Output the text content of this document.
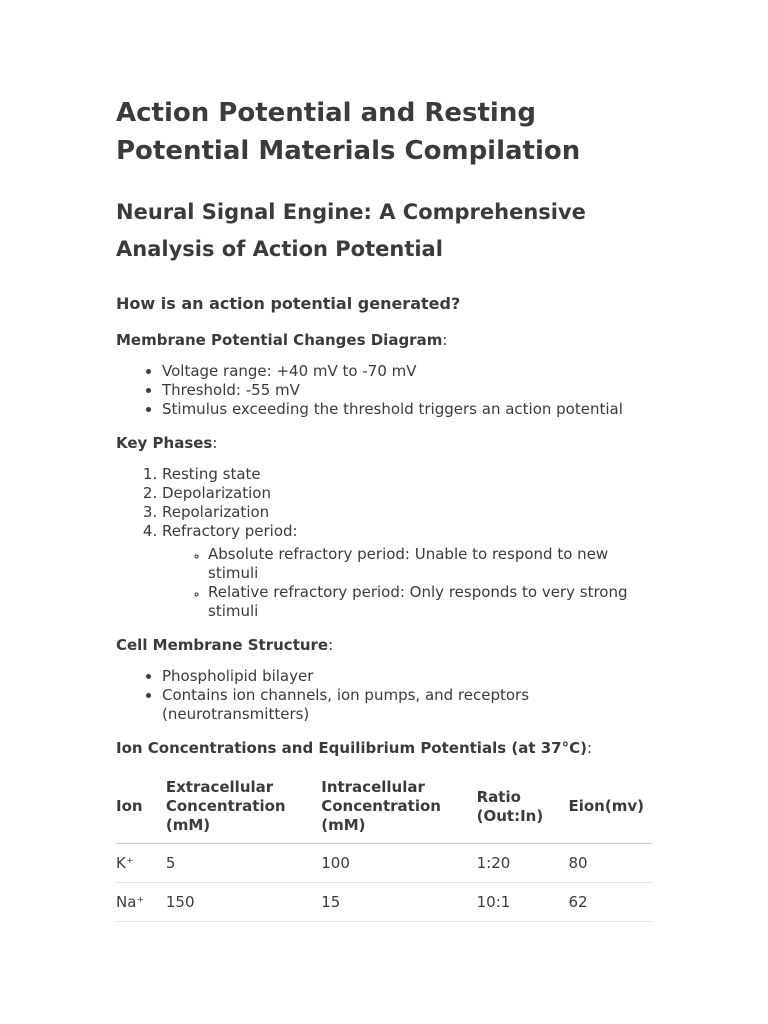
Action Potential and Resting Potential Materials Compilation
Neural Signal Engine: A Comprehensive Analysis of Action Potential
How is an action potential generated?

Membrane Potential Changes Diagram:

• Voltage range: +40 mV to -70 mV
• Threshold: -55 mV
• Stimulus exceeding the threshold triggers an action potential

Key Phases:

1. Resting state
2. Depolarization
3. Repolarization
4. Refractory period:
◦ Absolute refractory period: Unable to respond to new stimuli
◦ Relative refractory period: Only responds to very strong stimuli

Cell Membrane Structure:

• Phospholipid bilayer
• Contains ion channels, ion pumps, and receptors (neurotransmitters)

Ion Concentrations and Equilibrium Potentials (at 37°C):

Ion	Extracellular Concentration (mM)	Intracellular Concentration (mM)	Ratio (Out:In)	Eion(mv)
K⁺	5	100	1:20	80
Na⁺	150	15	10:1	62
